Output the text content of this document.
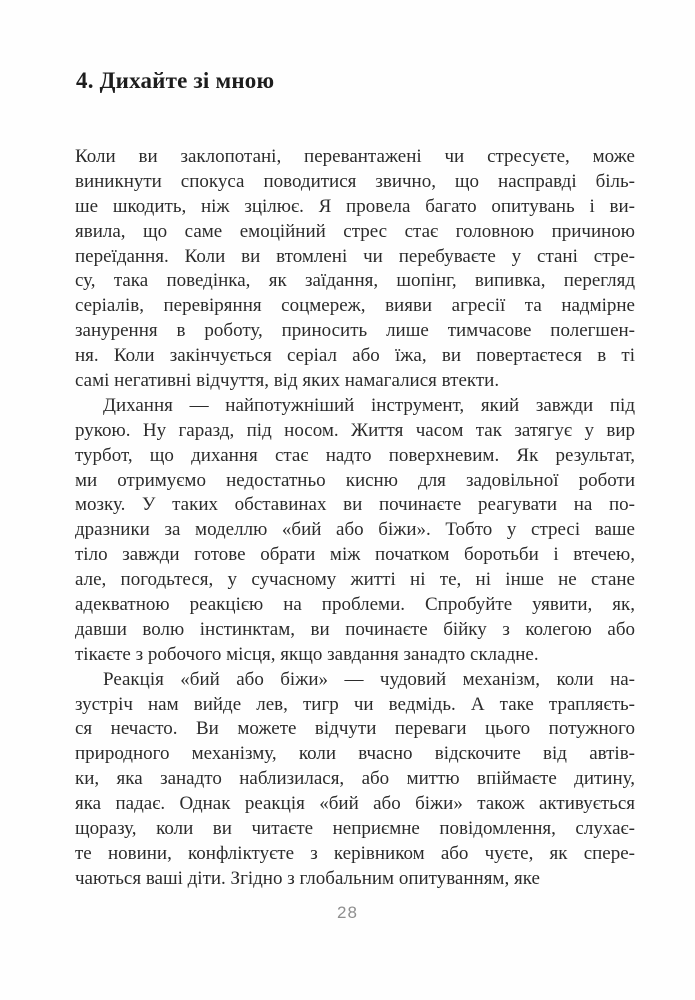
4. Дихайте зі мною
Коли ви заклопотані, перевантажені чи стресуєте, може
виникнути спокуса поводитися звично, що насправді біль-
ше шкодить, ніж зцілює. Я провела багато опитувань і ви-
явила, що саме емоційний стрес стає головною причиною
переїдання. Коли ви втомлені чи перебуваєте у стані стре-
су, така поведінка, як заїдання, шопінг, випивка, перегляд
серіалів, перевіряння соцмереж, вияви агресії та надмірне
занурення в роботу, приносить лише тимчасове полегшен-
ня. Коли закінчується серіал або їжа, ви повертаєтеся в ті
самі негативні відчуття, від яких намагалися втекти.
Дихання — найпотужніший інструмент, який завжди під
рукою. Ну гаразд, під носом. Життя часом так затягує у вир
турбот, що дихання стає надто поверхневим. Як результат,
ми отримуємо недостатньо кисню для задовільної роботи
мозку. У таких обставинах ви починаєте реагувати на по-
дразники за моделлю «бий або біжи». Тобто у стресі ваше
тіло завжди готове обрати між початком боротьби і втечею,
але, погодьтеся, у сучасному житті ні те, ні інше не стане
адекватною реакцією на проблеми. Спробуйте уявити, як,
давши волю інстинктам, ви починаєте бійку з колегою або
тікаєте з робочого місця, якщо завдання занадто складне.
Реакція «бий або біжи» — чудовий механізм, коли на-
зустріч нам вийде лев, тигр чи ведмідь. А таке трапляєть-
ся нечасто. Ви можете відчути переваги цього потужного
природного механізму, коли вчасно відскочите від автів-
ки, яка занадто наблизилася, або миттю впіймаєте дитину,
яка падає. Однак реакція «бий або біжи» також активується
щоразу, коли ви читаєте неприємне повідомлення, слухає-
те новини, конфліктуєте з керівником або чуєте, як спере-
чаються ваші діти. Згідно з глобальним опитуванням, яке
28
